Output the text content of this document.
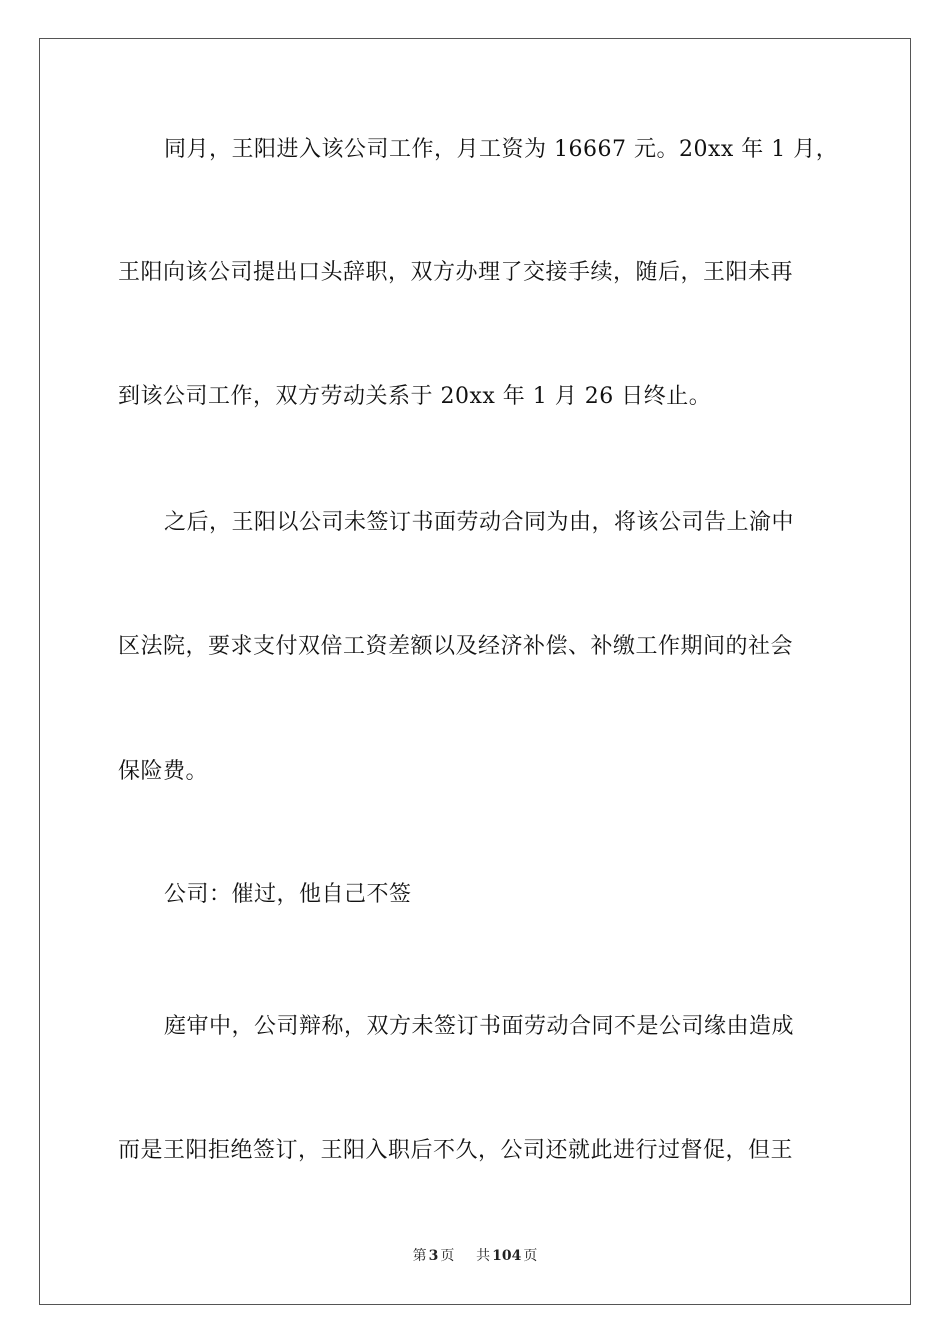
同月，王阳进入该公司工作，月工资为 16667 元。20xx 年 1 月，
王阳向该公司提出口头辞职，双方办理了交接手续，随后，王阳未再
到该公司工作，双方劳动关系于 20xx 年 1 月 26 日终止。
之后，王阳以公司未签订书面劳动合同为由，将该公司告上渝中
区法院，要求支付双倍工资差额以及经济补偿、补缴工作期间的社会
保险费。
公司：催过，他自己不签
庭审中，公司辩称，双方未签订书面劳动合同不是公司缘由造成
而是王阳拒绝签订，王阳入职后不久，公司还就此进行过督促，但王
第 3 页 共 104 页
